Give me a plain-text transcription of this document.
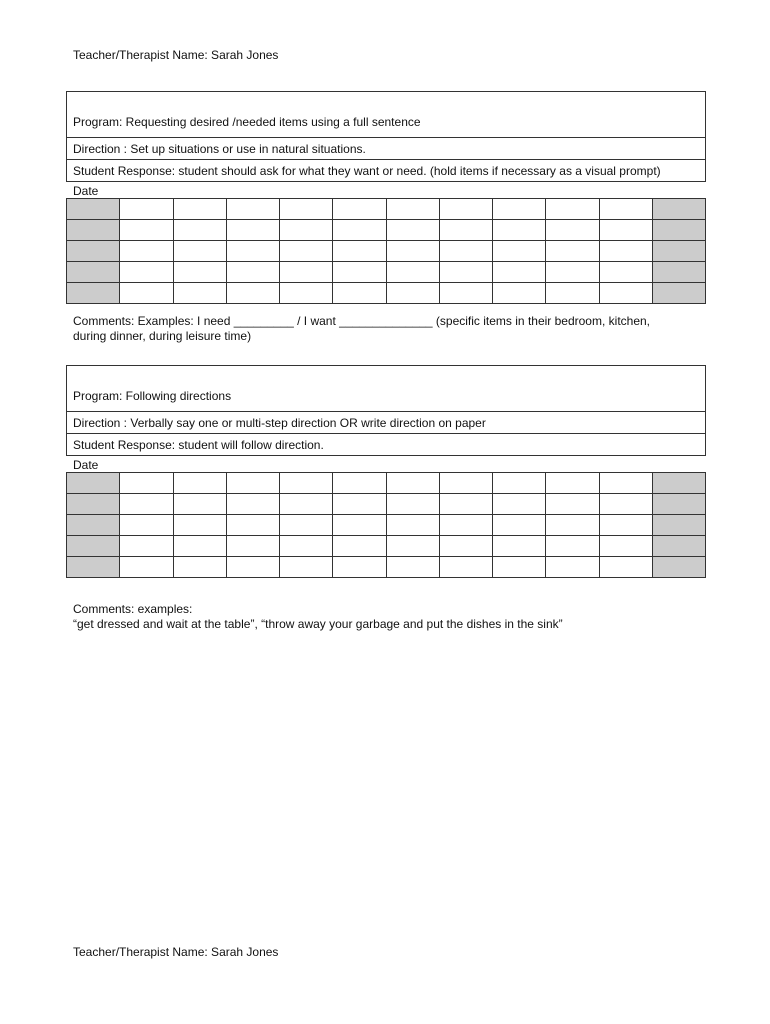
Teacher/Therapist Name: Sarah Jones
Program: Requesting desired /needed items using a full sentence
Direction : Set up situations or use in natural situations.
Student Response: student should ask for what they want or need. (hold items if necessary as a visual prompt)
Date

Comments: Examples: I need _________ / I want ______________ (specific items in their bedroom, kitchen,
during dinner, during leisure time)
Program: Following directions
Direction : Verbally say one or multi-step direction OR write direction on paper
Student Response: student will follow direction.
Date

Comments: examples:
“get dressed and wait at the table”, “throw away your garbage and put the dishes in the sink”
Teacher/Therapist Name: Sarah Jones
